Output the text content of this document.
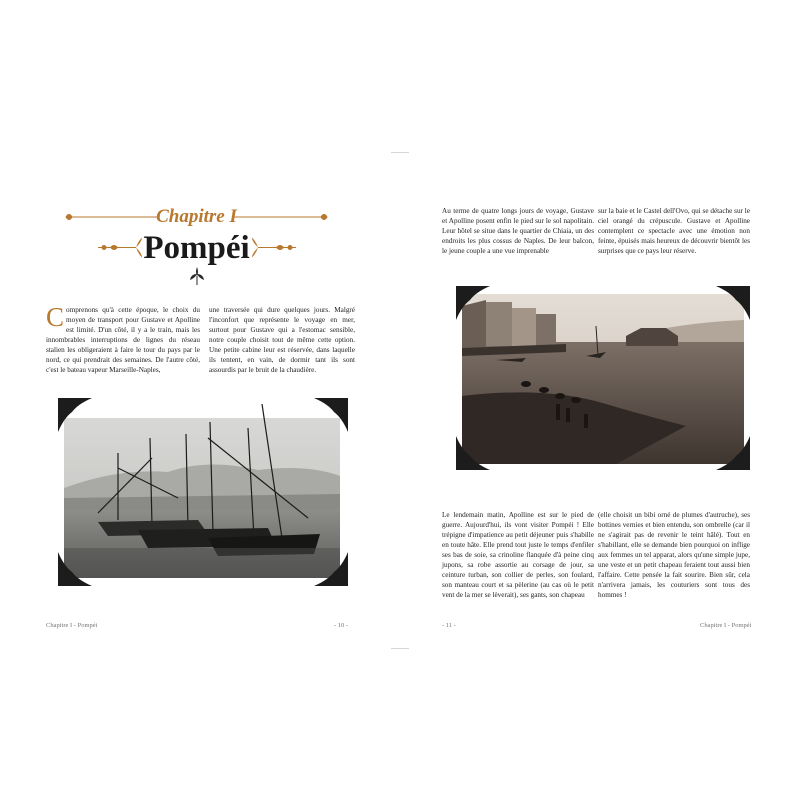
Chapitre I
Pompéi
Comprenons qu'à cette époque, le choix du moyen de transport pour Gustave et Apolline est limité. D'un côté, il y a le train, mais les innombrables interruptions de lignes du réseau stalien les obligeraient à faire le tour du pays par le nord, ce qui prendrait des semaines. De l'autre côté, c'est le bateau vapeur Marseille-Naples,
une traversée qui dure quelques jours. Malgré l'inconfort que représente le voyage en mer, surtout pour Gustave qui a l'estomac sensible, notre couple choisit tout de même cette option. Une petite cabine leur est réservée, dans laquelle ils tentent, en vain, de dormir tant ils sont assourdis par le bruit de la chaudière.
Chapitre I - Pompéi	- 10 -
Au terme de quatre longs jours de voyage, Gustave et Apolline posent enfin le pied sur le sol napolitain. Leur hôtel se situe dans le quartier de Chiaia, un des endroits les plus cossus de Naples. De leur balcon, le jeune couple a une vue imprenable
sur la baie et le Castel dell'Ovo, qui se détache sur le ciel orangé du crépuscule. Gustave et Apolline contemplent ce spectacle avec une émotion non feinte, épuisés mais heureux de découvrir bientôt les surprises que ce pays leur réserve.
Le lendemain matin, Apolline est sur le pied de guerre. Aujourd'hui, ils vont visiter Pompéi ! Elle trépigne d'impatience au petit déjeuner puis s'habille en toute hâte. Elle prend tout juste le temps d'enfiler ses bas de soie, sa crinoline flanquée d'à peine cinq jupons, sa robe assortie au corsage de jour, sa ceinture turban, son collier de perles, son foulard, son manteau court et sa pèlerine (au cas où le petit vent de la mer se lèverait), ses gants, son chapeau
(elle choisit un bibi orné de plumes d'autruche), ses bottines vernies et bien entendu, son ombrelle (car il ne s'agirait pas de revenir le teint hâlé). Tout en s'habillant, elle se demande bien pourquoi on inflige aux femmes un tel apparat, alors qu'une simple jupe, une veste et un petit chapeau feraient tout aussi bien l'affaire. Cette pensée la fait sourire. Bien sûr, cela n'arrivera jamais, les couturiers sont tous des hommes !
- 11 -	Chapitre I - Pompéi
